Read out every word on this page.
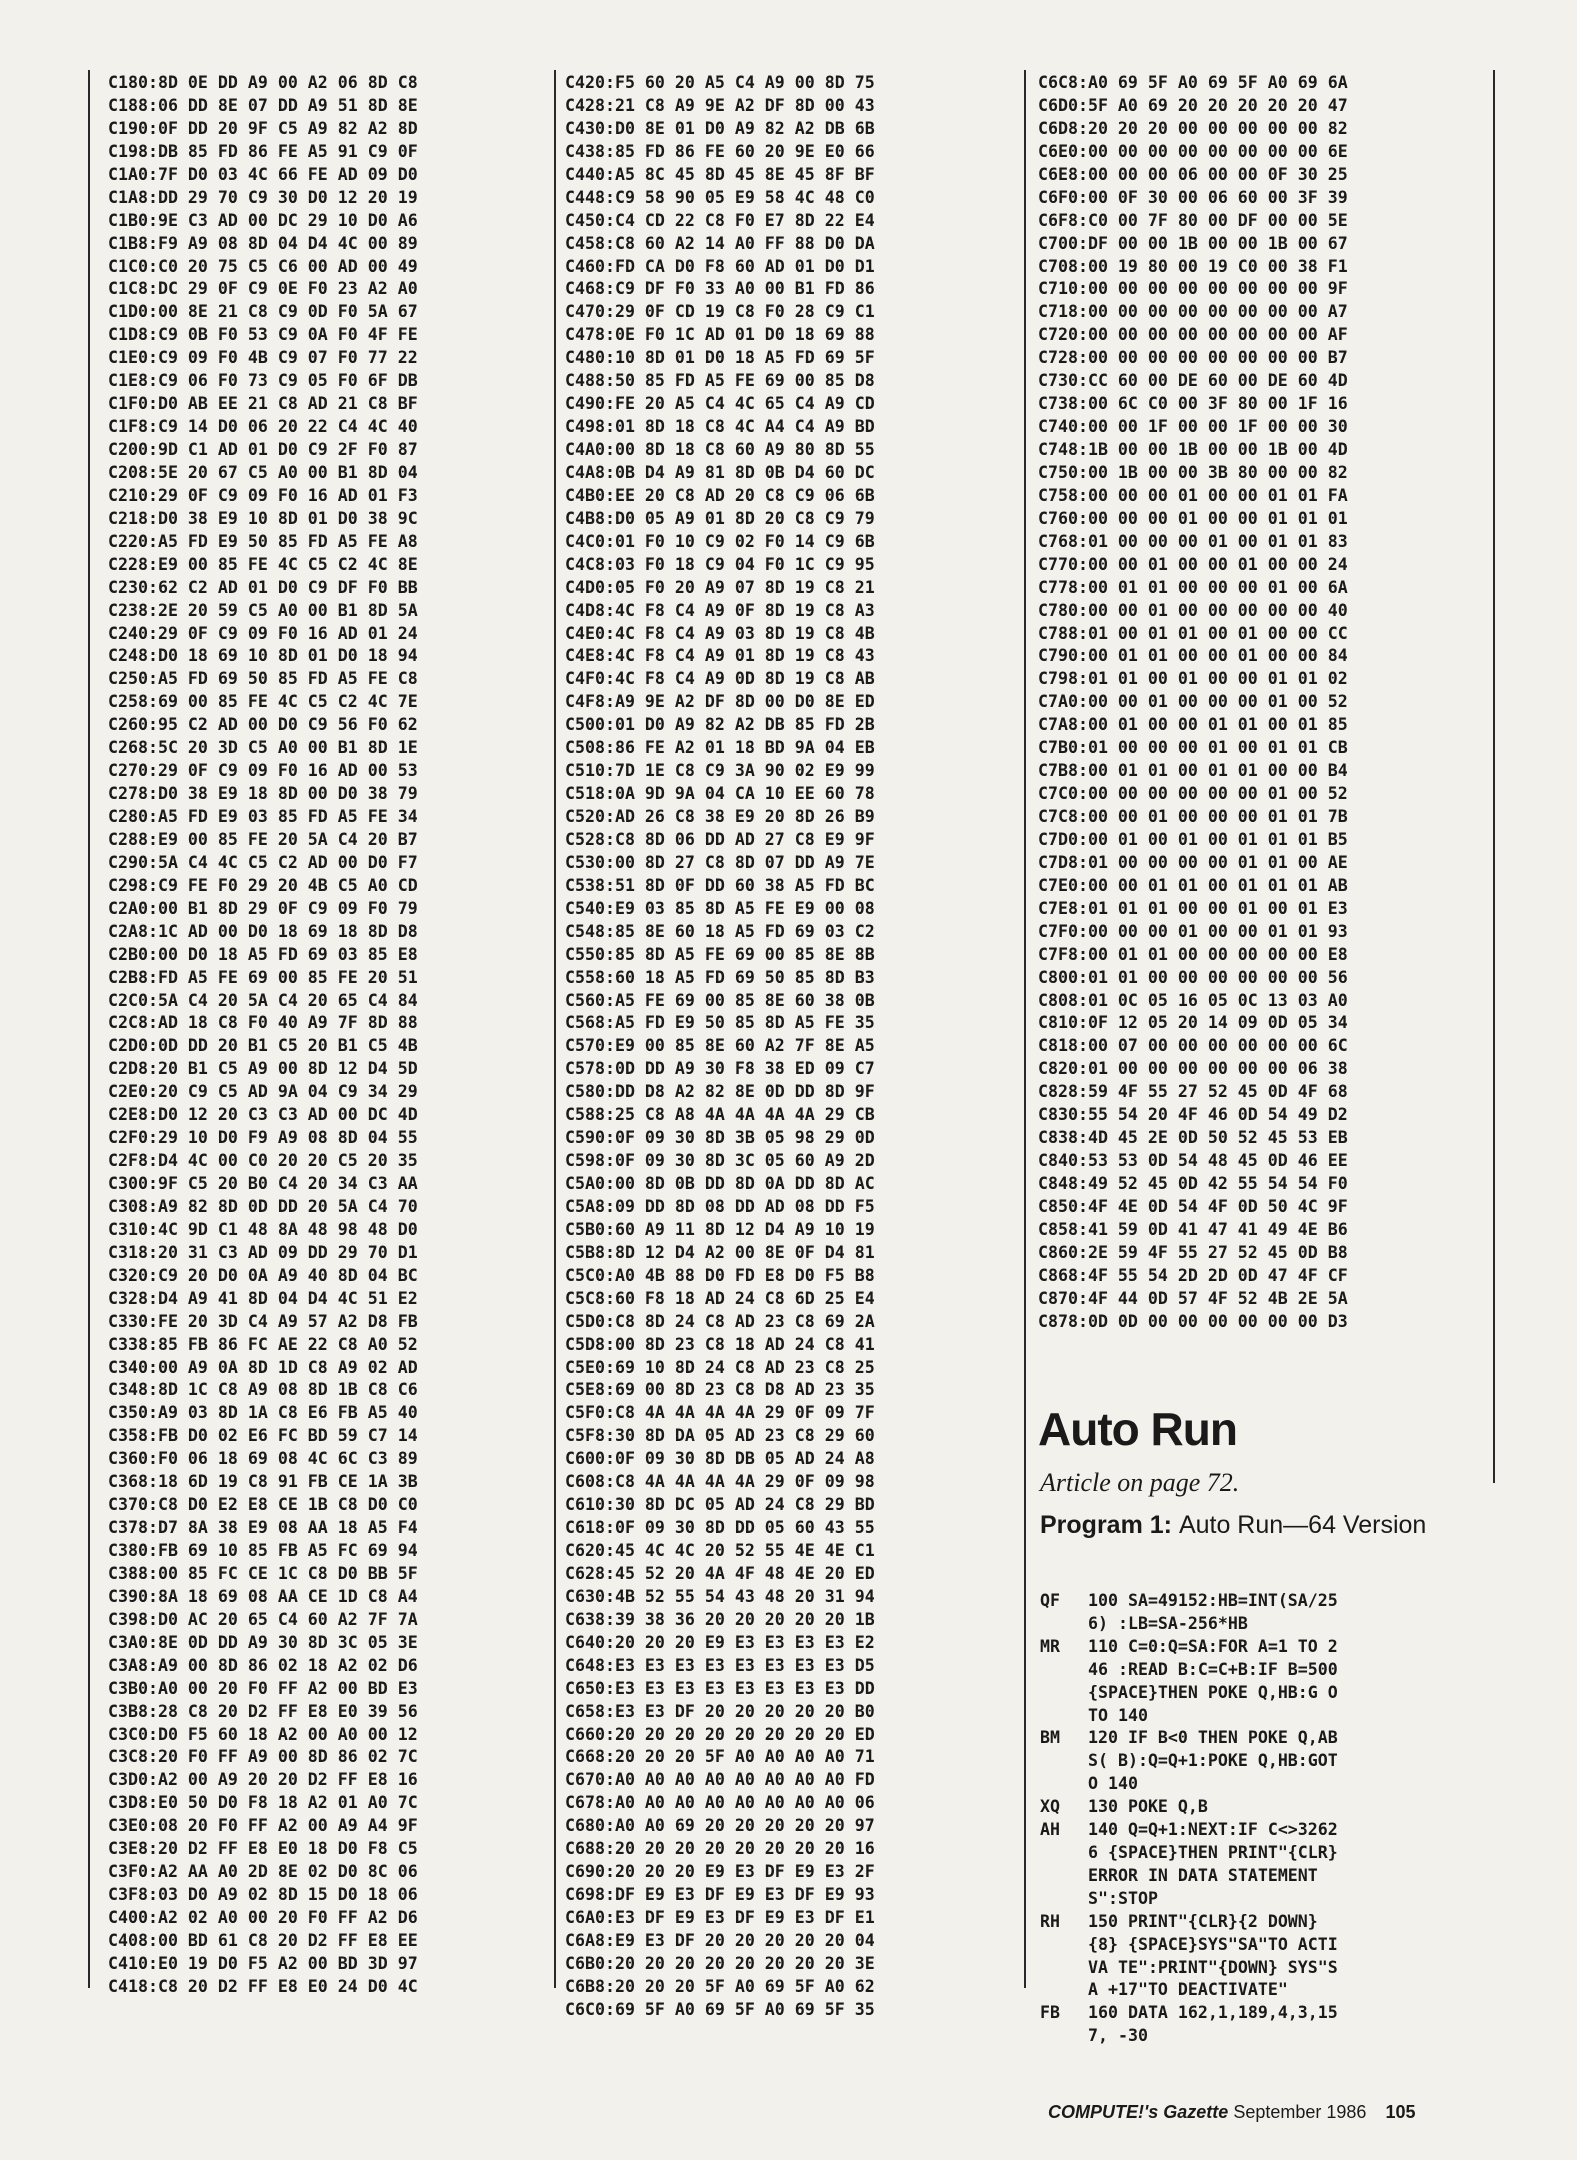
C180:8D 0E DD A9 00 A2 06 8D C8
C188:06 DD 8E 07 DD A9 51 8D 8E
C190:0F DD 20 9F C5 A9 82 A2 8D
C198:DB 85 FD 86 FE A5 91 C9 0F
C1A0:7F D0 03 4C 66 FE AD 09 D0
C1A8:DD 29 70 C9 30 D0 12 20 19
C1B0:9E C3 AD 00 DC 29 10 D0 A6
C1B8:F9 A9 08 8D 04 D4 4C 00 89
C1C0:C0 20 75 C5 C6 00 AD 00 49
C1C8:DC 29 0F C9 0E F0 23 A2 A0
C1D0:00 8E 21 C8 C9 0D F0 5A 67
C1D8:C9 0B F0 53 C9 0A F0 4F FE
C1E0:C9 09 F0 4B C9 07 F0 77 22
C1E8:C9 06 F0 73 C9 05 F0 6F DB
C1F0:D0 AB EE 21 C8 AD 21 C8 BF
C1F8:C9 14 D0 06 20 22 C4 4C 40
C200:9D C1 AD 01 D0 C9 2F F0 87
C208:5E 20 67 C5 A0 00 B1 8D 04
C210:29 0F C9 09 F0 16 AD 01 F3
C218:D0 38 E9 10 8D 01 D0 38 9C
C220:A5 FD E9 50 85 FD A5 FE A8
C228:E9 00 85 FE 4C C5 C2 4C 8E
C230:62 C2 AD 01 D0 C9 DF F0 BB
C238:2E 20 59 C5 A0 00 B1 8D 5A
C240:29 0F C9 09 F0 16 AD 01 24
C248:D0 18 69 10 8D 01 D0 18 94
C250:A5 FD 69 50 85 FD A5 FE C8
C258:69 00 85 FE 4C C5 C2 4C 7E
C260:95 C2 AD 00 D0 C9 56 F0 62
C268:5C 20 3D C5 A0 00 B1 8D 1E
C270:29 0F C9 09 F0 16 AD 00 53
C278:D0 38 E9 18 8D 00 D0 38 79
C280:A5 FD E9 03 85 FD A5 FE 34
C288:E9 00 85 FE 20 5A C4 20 B7
C290:5A C4 4C C5 C2 AD 00 D0 F7
C298:C9 FE F0 29 20 4B C5 A0 CD
C2A0:00 B1 8D 29 0F C9 09 F0 79
C2A8:1C AD 00 D0 18 69 18 8D D8
C2B0:00 D0 18 A5 FD 69 03 85 E8
C2B8:FD A5 FE 69 00 85 FE 20 51
C2C0:5A C4 20 5A C4 20 65 C4 84
C2C8:AD 18 C8 F0 40 A9 7F 8D 88
C2D0:0D DD 20 B1 C5 20 B1 C5 4B
C2D8:20 B1 C5 A9 00 8D 12 D4 5D
C2E0:20 C9 C5 AD 9A 04 C9 34 29
C2E8:D0 12 20 C3 C3 AD 00 DC 4D
C2F0:29 10 D0 F9 A9 08 8D 04 55
C2F8:D4 4C 00 C0 20 20 C5 20 35
C300:9F C5 20 B0 C4 20 34 C3 AA
C308:A9 82 8D 0D DD 20 5A C4 70
C310:4C 9D C1 48 8A 48 98 48 D0
C318:20 31 C3 AD 09 DD 29 70 D1
C320:C9 20 D0 0A A9 40 8D 04 BC
C328:D4 A9 41 8D 04 D4 4C 51 E2
C330:FE 20 3D C4 A9 57 A2 D8 FB
C338:85 FB 86 FC AE 22 C8 A0 52
C340:00 A9 0A 8D 1D C8 A9 02 AD
C348:8D 1C C8 A9 08 8D 1B C8 C6
C350:A9 03 8D 1A C8 E6 FB A5 40
C358:FB D0 02 E6 FC BD 59 C7 14
C360:F0 06 18 69 08 4C 6C C3 89
C368:18 6D 19 C8 91 FB CE 1A 3B
C370:C8 D0 E2 E8 CE 1B C8 D0 C0
C378:D7 8A 38 E9 08 AA 18 A5 F4
C380:FB 69 10 85 FB A5 FC 69 94
C388:00 85 FC CE 1C C8 D0 BB 5F
C390:8A 18 69 08 AA CE 1D C8 A4
C398:D0 AC 20 65 C4 60 A2 7F 7A
C3A0:8E 0D DD A9 30 8D 3C 05 3E
C3A8:A9 00 8D 86 02 18 A2 02 D6
C3B0:A0 00 20 F0 FF A2 00 BD E3
C3B8:28 C8 20 D2 FF E8 E0 39 56
C3C0:D0 F5 60 18 A2 00 A0 00 12
C3C8:20 F0 FF A9 00 8D 86 02 7C
C3D0:A2 00 A9 20 20 D2 FF E8 16
C3D8:E0 50 D0 F8 18 A2 01 A0 7C
C3E0:08 20 F0 FF A2 00 A9 A4 9F
C3E8:20 D2 FF E8 E0 18 D0 F8 C5
C3F0:A2 AA A0 2D 8E 02 D0 8C 06
C3F8:03 D0 A9 02 8D 15 D0 18 06
C400:A2 02 A0 00 20 F0 FF A2 D6
C408:00 BD 61 C8 20 D2 FF E8 EE
C410:E0 19 D0 F5 A2 00 BD 3D 97
C418:C8 20 D2 FF E8 E0 24 D0 4C
C420:F5 60 20 A5 C4 A9 00 8D 75
C428:21 C8 A9 9E A2 DF 8D 00 43
C430:D0 8E 01 D0 A9 82 A2 DB 6B
C438:85 FD 86 FE 60 20 9E E0 66
C440:A5 8C 45 8D 45 8E 45 8F BF
C448:C9 58 90 05 E9 58 4C 48 C0
C450:C4 CD 22 C8 F0 E7 8D 22 E4
C458:C8 60 A2 14 A0 FF 88 D0 DA
C460:FD CA D0 F8 60 AD 01 D0 D1
C468:C9 DF F0 33 A0 00 B1 FD 86
C470:29 0F CD 19 C8 F0 28 C9 C1
C478:0E F0 1C AD 01 D0 18 69 88
C480:10 8D 01 D0 18 A5 FD 69 5F
C488:50 85 FD A5 FE 69 00 85 D8
C490:FE 20 A5 C4 4C 65 C4 A9 CD
C498:01 8D 18 C8 4C A4 C4 A9 BD
C4A0:00 8D 18 C8 60 A9 80 8D 55
C4A8:0B D4 A9 81 8D 0B D4 60 DC
C4B0:EE 20 C8 AD 20 C8 C9 06 6B
C4B8:D0 05 A9 01 8D 20 C8 C9 79
C4C0:01 F0 10 C9 02 F0 14 C9 6B
C4C8:03 F0 18 C9 04 F0 1C C9 95
C4D0:05 F0 20 A9 07 8D 19 C8 21
C4D8:4C F8 C4 A9 0F 8D 19 C8 A3
C4E0:4C F8 C4 A9 03 8D 19 C8 4B
C4E8:4C F8 C4 A9 01 8D 19 C8 43
C4F0:4C F8 C4 A9 0D 8D 19 C8 AB
C4F8:A9 9E A2 DF 8D 00 D0 8E ED
C500:01 D0 A9 82 A2 DB 85 FD 2B
C508:86 FE A2 01 18 BD 9A 04 EB
C510:7D 1E C8 C9 3A 90 02 E9 99
C518:0A 9D 9A 04 CA 10 EE 60 78
C520:AD 26 C8 38 E9 20 8D 26 B9
C528:C8 8D 06 DD AD 27 C8 E9 9F
C530:00 8D 27 C8 8D 07 DD A9 7E
C538:51 8D 0F DD 60 38 A5 FD BC
C540:E9 03 85 8D A5 FE E9 00 08
C548:85 8E 60 18 A5 FD 69 03 C2
C550:85 8D A5 FE 69 00 85 8E 8B
C558:60 18 A5 FD 69 50 85 8D B3
C560:A5 FE 69 00 85 8E 60 38 0B
C568:A5 FD E9 50 85 8D A5 FE 35
C570:E9 00 85 8E 60 A2 7F 8E A5
C578:0D DD A9 30 F8 38 ED 09 C7
C580:DD D8 A2 82 8E 0D DD 8D 9F
C588:25 C8 A8 4A 4A 4A 4A 29 CB
C590:0F 09 30 8D 3B 05 98 29 0D
C598:0F 09 30 8D 3C 05 60 A9 2D
C5A0:00 8D 0B DD 8D 0A DD 8D AC
C5A8:09 DD 8D 08 DD AD 08 DD F5
C5B0:60 A9 11 8D 12 D4 A9 10 19
C5B8:8D 12 D4 A2 00 8E 0F D4 81
C5C0:A0 4B 88 D0 FD E8 D0 F5 B8
C5C8:60 F8 18 AD 24 C8 6D 25 E4
C5D0:C8 8D 24 C8 AD 23 C8 69 2A
C5D8:00 8D 23 C8 18 AD 24 C8 41
C5E0:69 10 8D 24 C8 AD 23 C8 25
C5E8:69 00 8D 23 C8 D8 AD 23 35
C5F0:C8 4A 4A 4A 4A 29 0F 09 7F
C5F8:30 8D DA 05 AD 23 C8 29 60
C600:0F 09 30 8D DB 05 AD 24 A8
C608:C8 4A 4A 4A 4A 29 0F 09 98
C610:30 8D DC 05 AD 24 C8 29 BD
C618:0F 09 30 8D DD 05 60 43 55
C620:45 4C 4C 20 52 55 4E 4E C1
C628:45 52 20 4A 4F 48 4E 20 ED
C630:4B 52 55 54 43 48 20 31 94
C638:39 38 36 20 20 20 20 20 1B
C640:20 20 20 E9 E3 E3 E3 E3 E2
C648:E3 E3 E3 E3 E3 E3 E3 E3 D5
C650:E3 E3 E3 E3 E3 E3 E3 E3 DD
C658:E3 E3 DF 20 20 20 20 20 B0
C660:20 20 20 20 20 20 20 20 ED
C668:20 20 20 5F A0 A0 A0 A0 71
C670:A0 A0 A0 A0 A0 A0 A0 A0 FD
C678:A0 A0 A0 A0 A0 A0 A0 A0 06
C680:A0 A0 69 20 20 20 20 20 97
C688:20 20 20 20 20 20 20 20 16
C690:20 20 20 E9 E3 DF E9 E3 2F
C698:DF E9 E3 DF E9 E3 DF E9 93
C6A0:E3 DF E9 E3 DF E9 E3 DF E1
C6A8:E9 E3 DF 20 20 20 20 20 04
C6B0:20 20 20 20 20 20 20 20 3E
C6B8:20 20 20 5F A0 69 5F A0 62
C6C0:69 5F A0 69 5F A0 69 5F 35
C6C8:A0 69 5F A0 69 5F A0 69 6A
C6D0:5F A0 69 20 20 20 20 20 47
C6D8:20 20 20 00 00 00 00 00 82
C6E0:00 00 00 00 00 00 00 00 6E
C6E8:00 00 00 06 00 00 0F 30 25
C6F0:00 0F 30 00 06 60 00 3F 39
C6F8:C0 00 7F 80 00 DF 00 00 5E
C700:DF 00 00 1B 00 00 1B 00 67
C708:00 19 80 00 19 C0 00 38 F1
C710:00 00 00 00 00 00 00 00 9F
C718:00 00 00 00 00 00 00 00 A7
C720:00 00 00 00 00 00 00 00 AF
C728:00 00 00 00 00 00 00 00 B7
C730:CC 60 00 DE 60 00 DE 60 4D
C738:00 6C C0 00 3F 80 00 1F 16
C740:00 00 1F 00 00 1F 00 00 30
C748:1B 00 00 1B 00 00 1B 00 4D
C750:00 1B 00 00 3B 80 00 00 82
C758:00 00 00 01 00 00 01 01 FA
C760:00 00 00 01 00 00 01 01 01
C768:01 00 00 00 01 00 01 01 83
C770:00 00 01 00 00 01 00 00 24
C778:00 01 01 00 00 00 01 00 6A
C780:00 00 01 00 00 00 00 00 40
C788:01 00 01 01 00 01 00 00 CC
C790:00 01 01 00 00 01 00 00 84
C798:01 01 00 01 00 00 01 01 02
C7A0:00 00 01 00 00 00 01 00 52
C7A8:00 01 00 00 01 01 00 01 85
C7B0:01 00 00 00 01 00 01 01 CB
C7B8:00 01 01 00 01 01 00 00 B4
C7C0:00 00 00 00 00 00 01 00 52
C7C8:00 00 01 00 00 00 01 01 7B
C7D0:00 01 00 01 00 01 01 01 B5
C7D8:01 00 00 00 00 01 01 00 AE
C7E0:00 00 01 01 00 01 01 01 AB
C7E8:01 01 01 00 00 01 00 01 E3
C7F0:00 00 00 01 00 00 01 01 93
C7F8:00 01 01 00 00 00 00 00 E8
C800:01 01 00 00 00 00 00 00 56
C808:01 0C 05 16 05 0C 13 03 A0
C810:0F 12 05 20 14 09 0D 05 34
C818:00 07 00 00 00 00 00 00 6C
C820:01 00 00 00 00 00 00 06 38
C828:59 4F 55 27 52 45 0D 4F 68
C830:55 54 20 4F 46 0D 54 49 D2
C838:4D 45 2E 0D 50 52 45 53 EB
C840:53 53 0D 54 48 45 0D 46 EE
C848:49 52 45 0D 42 55 54 54 F0
C850:4F 4E 0D 54 4F 0D 50 4C 9F
C858:41 59 0D 41 47 41 49 4E B6
C860:2E 59 4F 55 27 52 45 0D B8
C868:4F 55 54 2D 2D 0D 47 4F CF
C870:4F 44 0D 57 4F 52 4B 2E 5A
C878:0D 0D 00 00 00 00 00 00 D3
Auto Run

Article on page 72.

Program 1: Auto Run—64 Version
QF	100 SA=49152:HB=INT(SA/256) :LB=SA-256*HB
MR	110 C=0:Q=SA:FOR A=1 TO 246 :READ B:C=C+B:IF B=500 {SPACE}THEN POKE Q,HB:G OTO 140
BM	120 IF B<0 THEN POKE Q,ABS( B):Q=Q+1:POKE Q,HB:GOTO 140
XQ	130 POKE Q,B
AH	140 Q=Q+1:NEXT:IF C<>32626 {SPACE}THEN PRINT"{CLR} ERROR IN DATA STATEMENT S":STOP
RH	150 PRINT"{CLR}{2 DOWN}{8} {SPACE}SYS"SA"TO ACTIVA TE":PRINT"{DOWN} SYS"SA +17"TO DEACTIVATE"
FB	160 DATA 162,1,189,4,3,157, -30
COMPUTE!'s Gazette September 1986 105
